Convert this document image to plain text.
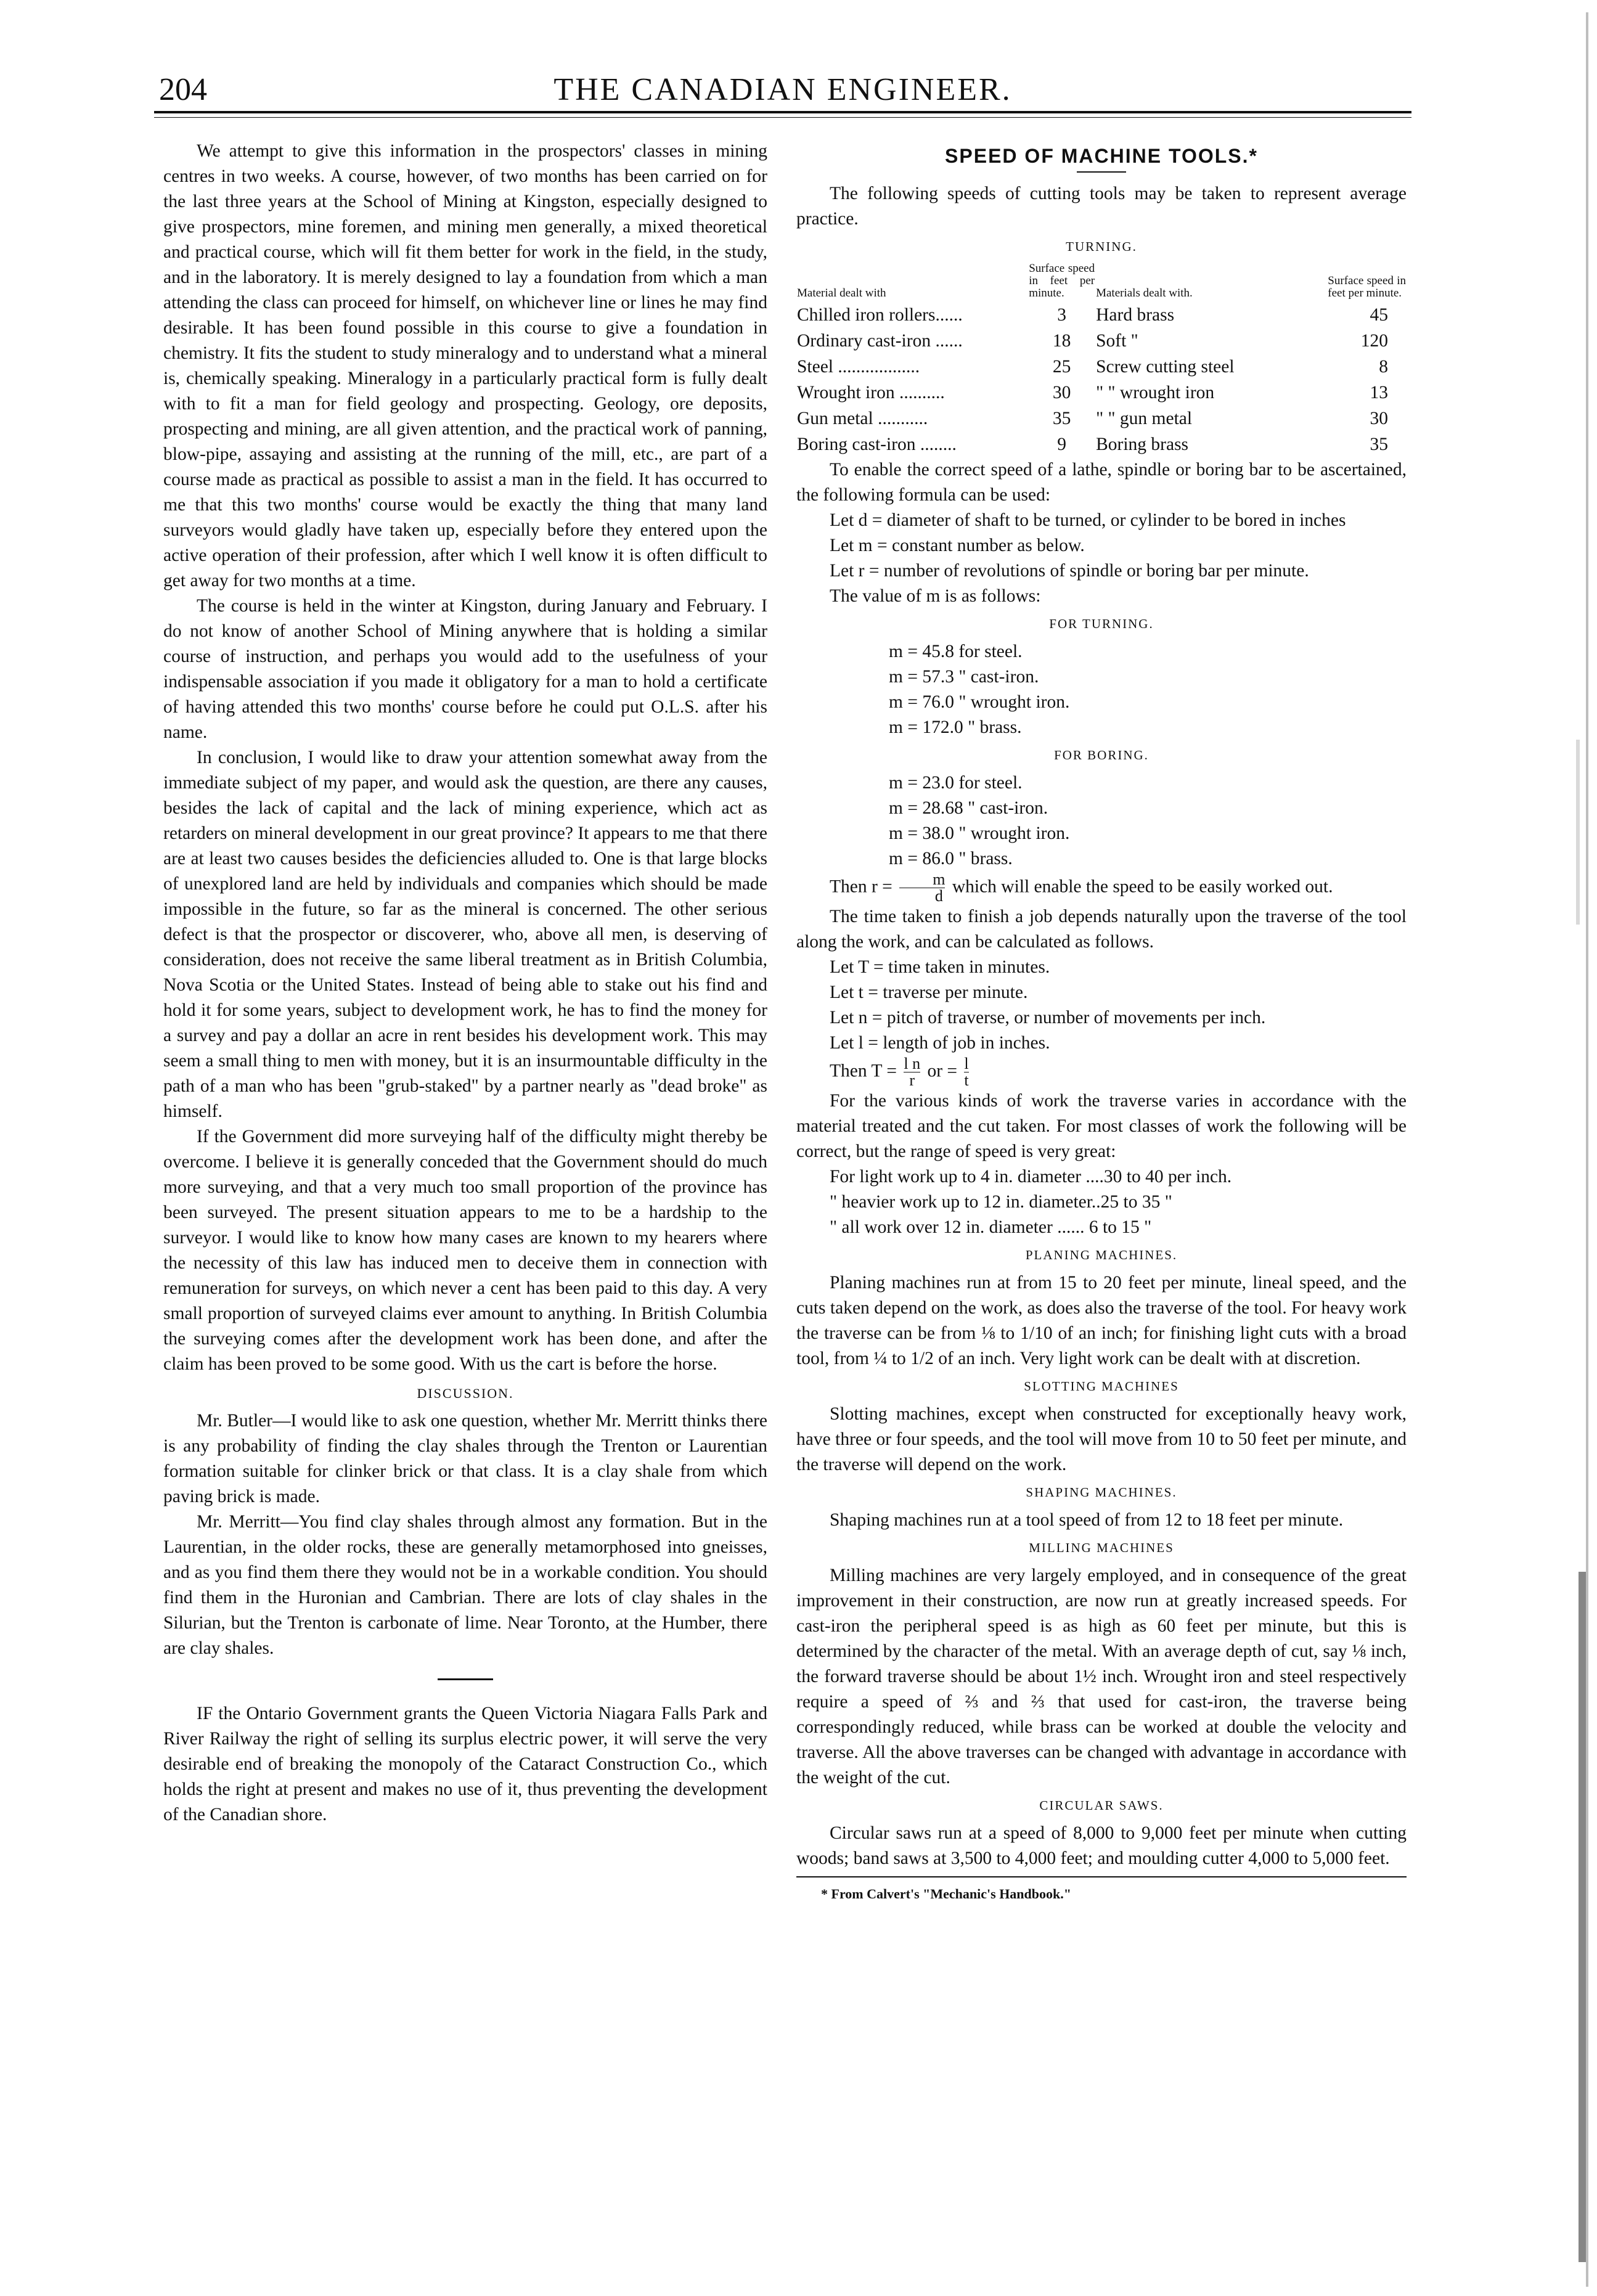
204	THE CANADIAN ENGINEER.

We attempt to give this information in the prospectors' classes in mining centres in two weeks. A course, however, of two months has been carried on for the last three years at the School of Mining at Kingston, especially designed to give prospectors, mine foremen, and mining men generally, a mixed theoretical and practical course, which will fit them better for work in the field, in the study, and in the laboratory. It is merely designed to lay a foundation from which a man attending the class can proceed for himself, on whichever line or lines he may find desirable. It has been found possible in this course to give a foundation in chemistry. It fits the student to study mineralogy and to understand what a mineral is, chemically speaking. Mineralogy in a particularly practical form is fully dealt with to fit a man for field geology and prospecting. Geology, ore deposits, prospecting and mining, are all given attention, and the practical work of panning, blow-pipe, assaying and assisting at the running of the mill, etc., are part of a course made as practical as possible to assist a man in the field. It has occurred to me that this two months' course would be exactly the thing that many land surveyors would gladly have taken up, especially before they entered upon the active operation of their profession, after which I well know it is often difficult to get away for two months at a time.

The course is held in the winter at Kingston, during January and February. I do not know of another School of Mining anywhere that is holding a similar course of instruction, and perhaps you would add to the usefulness of your indispensable association if you made it obligatory for a man to hold a certificate of having attended this two months' course before he could put O.L.S. after his name.

In conclusion, I would like to draw your attention somewhat away from the immediate subject of my paper, and would ask the question, are there any causes, besides the lack of capital and the lack of mining experience, which act as retarders on mineral development in our great province? It appears to me that there are at least two causes besides the deficiencies alluded to. One is that large blocks of unexplored land are held by individuals and companies which should be made impossible in the future, so far as the mineral is concerned. The other serious defect is that the prospector or discoverer, who, above all men, is deserving of consideration, does not receive the same liberal treatment as in British Columbia, Nova Scotia or the United States. Instead of being able to stake out his find and hold it for some years, subject to development work, he has to find the money for a survey and pay a dollar an acre in rent besides his development work. This may seem a small thing to men with money, but it is an insurmountable difficulty in the path of a man who has been "grub-staked" by a partner nearly as "dead broke" as himself.

If the Government did more surveying half of the difficulty might thereby be overcome. I believe it is generally conceded that the Government should do much more surveying, and that a very much too small proportion of the province has been surveyed. The present situation appears to me to be a hardship to the surveyor. I would like to know how many cases are known to my hearers where the necessity of this law has induced men to deceive them in connection with remuneration for surveys, on which never a cent has been paid to this day. A very small proportion of surveyed claims ever amount to anything. In British Columbia the surveying comes after the development work has been done, and after the claim has been proved to be some good. With us the cart is before the horse.

DISCUSSION.

Mr. Butler—I would like to ask one question, whether Mr. Merritt thinks there is any probability of finding the clay shales through the Trenton or Laurentian formation suitable for clinker brick or that class. It is a clay shale from which paving brick is made.

Mr. Merritt—You find clay shales through almost any formation. But in the Laurentian, in the older rocks, these are generally metamorphosed into gneisses, and as you find them there they would not be in a workable condition. You should find them in the Huronian and Cambrian. There are lots of clay shales in the Silurian, but the Trenton is carbonate of lime. Near Toronto, at the Humber, there are clay shales.

IF the Ontario Government grants the Queen Victoria Niagara Falls Park and River Railway the right of selling its surplus electric power, it will serve the very desirable end of breaking the monopoly of the Cataract Construction Co., which holds the right at present and makes no use of it, thus preventing the development of the Canadian shore.

SPEED OF MACHINE TOOLS.*

The following speeds of cutting tools may be taken to represent average practice.

TURNING.
Material dealt with	Surface speed in feet per minute.	Materials dealt with.	Surface speed in feet per minute.
Chilled iron rollers......	3	Hard brass	45
Ordinary cast-iron ......	18	Soft "	120
Steel ..................	25	Screw cutting steel	8
Wrought iron ..........	30	" " wrought iron	13
Gun metal ...........	35	" " gun metal	30
Boring cast-iron ........	9	Boring brass	35

To enable the correct speed of a lathe, spindle or boring bar to be ascertained, the following formula can be used:

Let d = diameter of shaft to be turned, or cylinder to be bored in inches

Let m = constant number as below.

Let r = number of revolutions of spindle or boring bar per minute.

The value of m is as follows:

FOR TURNING.
m = 45.8 for steel.
m = 57.3 " cast-iron.
m = 76.0 " wrought iron.
m = 172.0 " brass.
FOR BORING.
m = 23.0 for steel.
m = 28.68 " cast-iron.
m = 38.0 " wrought iron.
m = 86.0 " brass.

Then $r = \frac{m}{d}$ which will enable the speed to be easily worked out.

The time taken to finish a job depends naturally upon the traverse of the tool along the work, and can be calculated as follows.

Let T = time taken in minutes.
Let t = traverse per minute.
Let n = pitch of traverse, or number of movements per inch.
Let l = length of job in inches.
Then $T = \frac{\text{l n}}{r}$ or = $\frac{l}{t}$

For the various kinds of work the traverse varies in accordance with the material treated and the cut taken. For most classes of work the following will be correct, but the range of speed is very great:

For light work up to 4 in. diameter ....30 to 40 per inch.
" heavier work up to 12 in. diameter..25 to 35 "
" all work over 12 in. diameter ...... 6 to 15 "
PLANING MACHINES.

Planing machines run at from 15 to 20 feet per minute, lineal speed, and the cuts taken depend on the work, as does also the traverse of the tool. For heavy work the traverse can be from ⅛ to 1/10 of an inch; for finishing light cuts with a broad tool, from ¼ to 1/2 of an inch. Very light work can be dealt with at discretion.

SLOTTING MACHINES

Slotting machines, except when constructed for exceptionally heavy work, have three or four speeds, and the tool will move from 10 to 50 feet per minute, and the traverse will depend on the work.

SHAPING MACHINES.

Shaping machines run at a tool speed of from 12 to 18 feet per minute.

MILLING MACHINES

Milling machines are very largely employed, and in consequence of the great improvement in their construction, are now run at greatly increased speeds. For cast-iron the peripheral speed is as high as 60 feet per minute, but this is determined by the character of the metal. With an average depth of cut, say ⅛ inch, the forward traverse should be about 1½ inch. Wrought iron and steel respectively require a speed of ⅔ and ⅔ that used for cast-iron, the traverse being correspondingly reduced, while brass can be worked at double the velocity and traverse. All the above traverses can be changed with advantage in accordance with the weight of the cut.

CIRCULAR SAWS.

Circular saws run at a speed of 8,000 to 9,000 feet per minute when cutting woods; band saws at 3,500 to 4,000 feet; and moulding cutter 4,000 to 5,000 feet.

* From Calvert's "Mechanic's Handbook."
